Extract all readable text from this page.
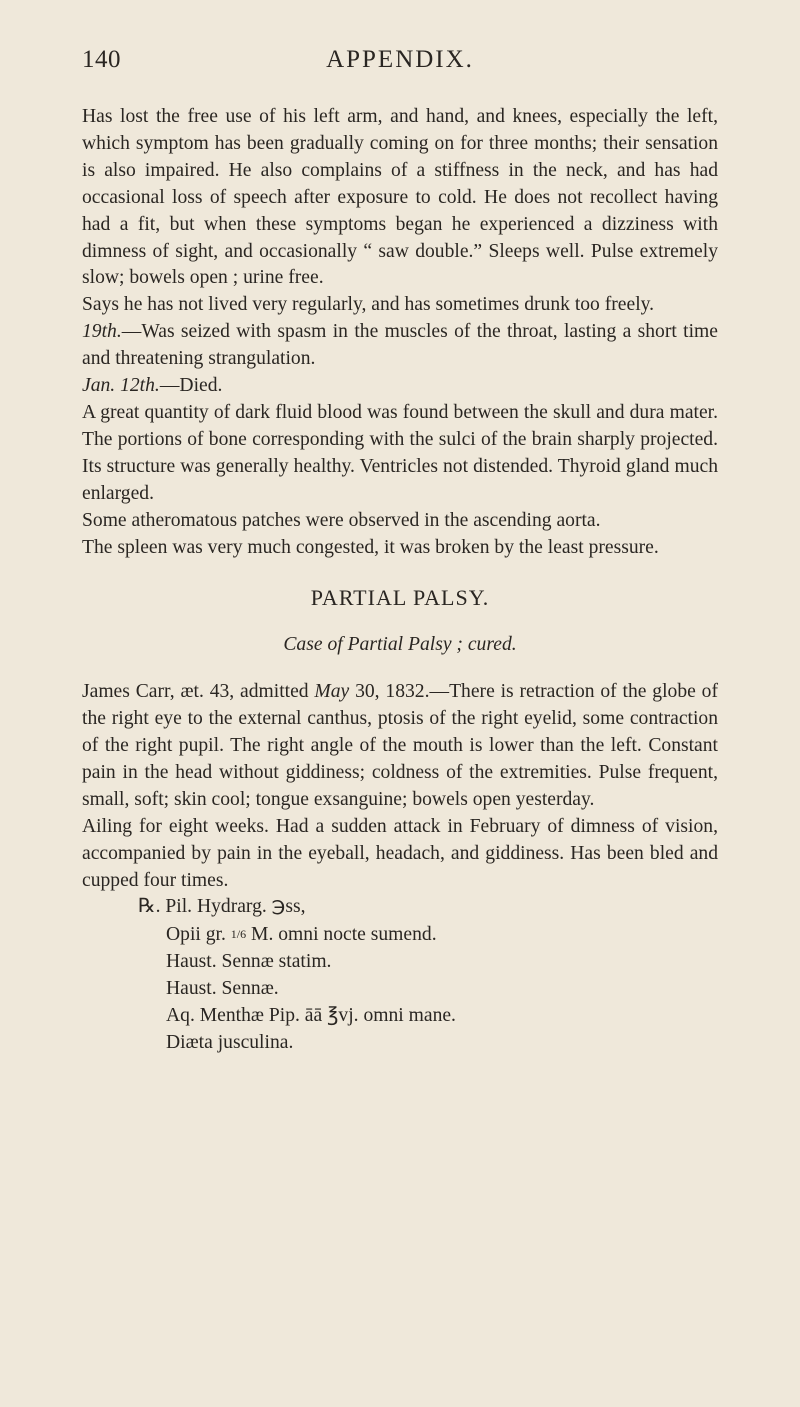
140	APPENDIX.

Has lost the free use of his left arm, and hand, and knees, especially the left, which symptom has been gradually coming on for three months; their sensation is also impaired. He also complains of a stiffness in the neck, and has had occasional loss of speech after exposure to cold. He does not recollect having had a fit, but when these symptoms began he experienced a dizziness with dimness of sight, and occasionally “ saw double.” Sleeps well. Pulse extremely slow; bowels open ; urine free.

Says he has not lived very regularly, and has sometimes drunk too freely.

19th.—Was seized with spasm in the muscles of the throat, lasting a short time and threatening strangulation.

Jan. 12th.—Died.

A great quantity of dark fluid blood was found between the skull and dura mater. The portions of bone corresponding with the sulci of the brain sharply projected. Its structure was generally healthy. Ventricles not distended. Thyroid gland much enlarged.

Some atheromatous patches were observed in the ascending aorta.

The spleen was very much congested, it was broken by the least pressure.

PARTIAL PALSY.

Case of Partial Palsy ; cured.

James Carr, æt. 43, admitted May 30, 1832.—There is retraction of the globe of the right eye to the external canthus, ptosis of the right eyelid, some contraction of the right pupil. The right angle of the mouth is lower than the left. Constant pain in the head without giddiness; coldness of the extremities. Pulse frequent, small, soft; skin cool; tongue exsanguine; bowels open yesterday.

Ailing for eight weeks. Had a sudden attack in February of dimness of vision, accompanied by pain in the eyeball, headach, and giddiness. Has been bled and cupped four times.

℞. Pil. Hydrarg. ℈ss,
Opii gr. 1/6 M. omni nocte sumend.
Haust. Sennæ statim.
Haust. Sennæ.
Aq. Menthæ Pip. āā ℥vj. omni mane.
Diæta jusculina.
